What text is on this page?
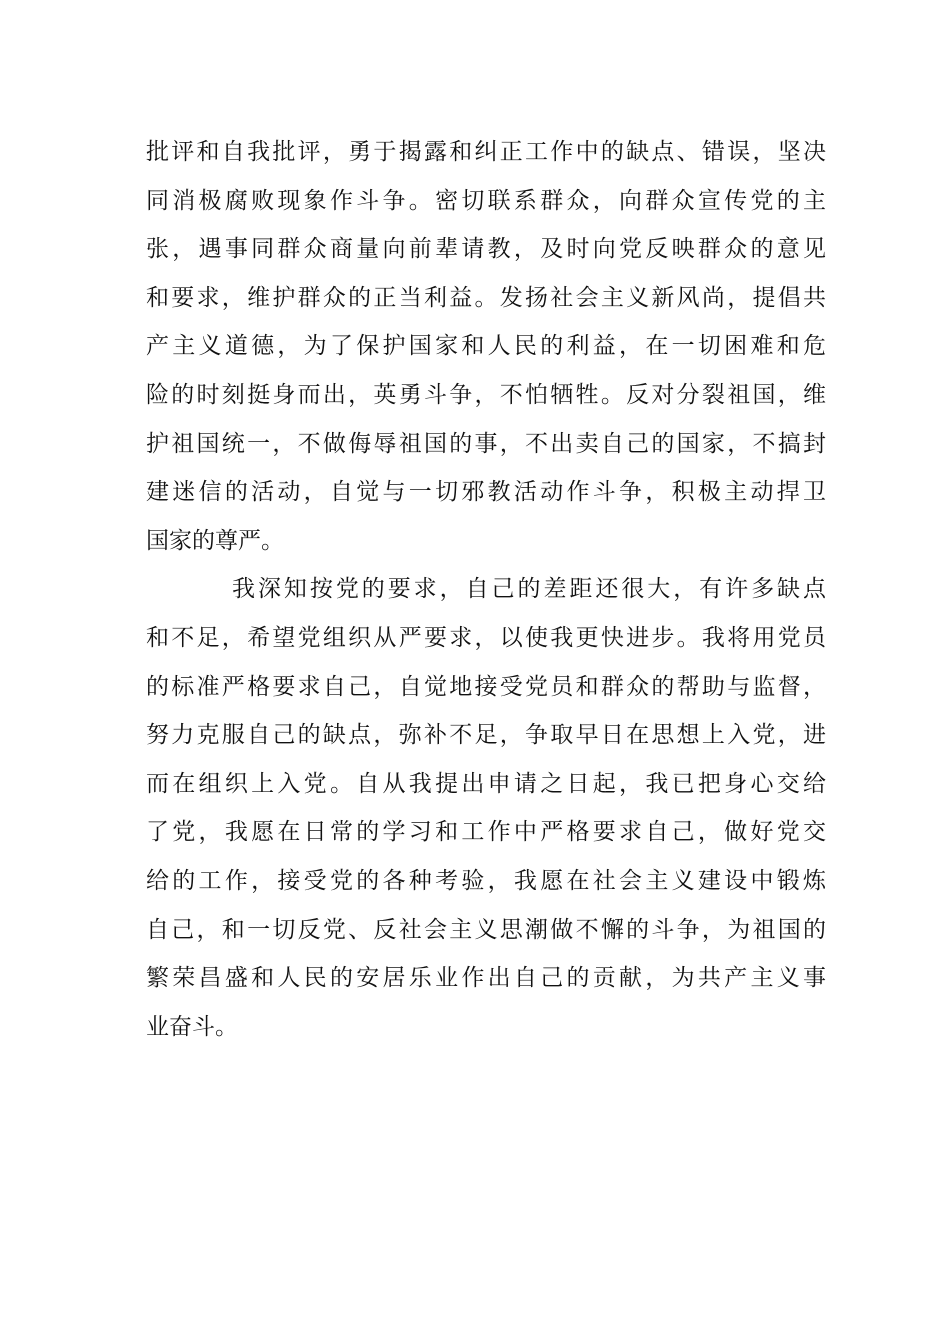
批评和自我批评，勇于揭露和纠正工作中的缺点、错误，坚决
同消极腐败现象作斗争。密切联系群众，向群众宣传党的主
张，遇事同群众商量向前辈请教，及时向党反映群众的意见
和要求，维护群众的正当利益。发扬社会主义新风尚，提倡共
产主义道德，为了保护国家和人民的利益，在一切困难和危
险的时刻挺身而出，英勇斗争，不怕牺牲。反对分裂祖国，维
护祖国统一，不做侮辱祖国的事，不出卖自己的国家，不搞封
建迷信的活动，自觉与一切邪教活动作斗争，积极主动捍卫
国家的尊严。
我深知按党的要求，自己的差距还很大，有许多缺点
和不足，希望党组织从严要求，以使我更快进步。我将用党员
的标准严格要求自己，自觉地接受党员和群众的帮助与监督，
努力克服自己的缺点，弥补不足，争取早日在思想上入党，进
而在组织上入党。自从我提出申请之日起，我已把身心交给
了党，我愿在日常的学习和工作中严格要求自己，做好党交
给的工作，接受党的各种考验，我愿在社会主义建设中锻炼
自己，和一切反党、反社会主义思潮做不懈的斗争，为祖国的
繁荣昌盛和人民的安居乐业作出自己的贡献，为共产主义事
业奋斗。
